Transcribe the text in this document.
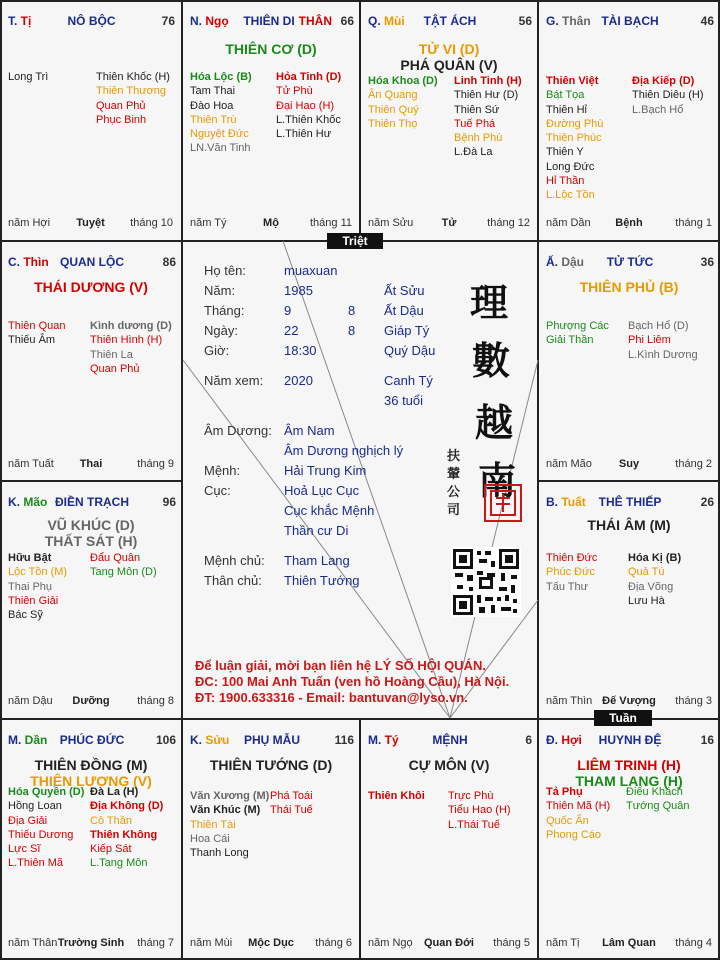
Triệt
Tuần
T. Tị	NÔ BỘC	76
Long Trì	Thiên Khốc (H)
Thiên Thương
Quan Phủ
Phục Binh
năm Hợi	Tuyệt	tháng 10
N. Ngọ	THIÊN DI THÂN 66
THIÊN CƠ (D)
Hóa Lộc (B)
Tam Thai
Đào Hoa
Thiên Trù
Nguyệt Đức
LN.Văn Tinh
Hỏa Tinh (D)
Tử Phù
Đại Hao (H)
L.Thiên Khốc
L.Thiên Hư
năm Tý	Mộ	tháng 11
Q. Mùi	TẬT ÁCH	56
TỬ VI (D)
PHÁ QUÂN (V)
Hóa Khoa (D)
Ân Quang
Thiên Quý
Thiên Thọ
Linh Tinh (H)
Thiên Hư (D)
Thiên Sứ
Tuế Phá
Bệnh Phù
L.Đà La
năm Sửu	Tử	tháng 12
G. Thân TÀI BẠCH	46
Thiên Việt
Bát Tọa
Thiên Hỉ
Đường Phù
Thiên Phúc
Thiên Y
Long Đức
Hỉ Thần
L.Lộc Tồn
Địa Kiếp (D)
Thiên Diêu (H)
L.Bạch Hổ
năm Dần	Bệnh	tháng 1
C. Thìn QUAN LỘC	86
THÁI DƯƠNG (V)
Thiên Quan
Thiếu Âm
Kình dương (D)
Thiên Hình (H)
Thiên La
Quan Phủ
năm Tuất	Thai	tháng 9
Ấ. Dậu	TỬ TỨC	36
THIÊN PHỦ (B)
Phượng Các
Giải Thần
Bạch Hổ (D)
Phi Liêm
L.Kình Dương
năm Mão	Suy	tháng 2
K. Mão ĐIỀN TRẠCH	96
VŨ KHÚC (D)
THẤT SÁT (H)
Hữu Bật
Lộc Tồn (M)
Thai Phụ
Thiên Giải
Bác Sỹ
Đẩu Quân
Tang Môn (D)
năm Dậu	Dưỡng	tháng 8
B. Tuất	THÊ THIẾP	26
THÁI ÂM (M)
Thiên Đức
Phúc Đức
Tấu Thư
Hóa Kị (B)
Quả Tú
Địa Võng
Lưu Hà
năm Thìn Đế Vượng	tháng 3
M. Dần	PHÚC ĐỨC	106
THIÊN ĐỒNG (M)
THIÊN LƯƠNG (V)
Hóa Quyền (D)
Hồng Loan
Địa Giải
Thiếu Dương
Lực Sĩ
L.Thiên Mã
Đà La (H)
Địa Không (D)
Cô Thần
Thiên Không
Kiếp Sát
L.Tang Môn
năm Thân Trường Sinh	tháng 7
K. Sửu	PHỤ MẪU	116
THIÊN TƯỚNG (D)
Văn Xương (M)
Văn Khúc (M)
Thiên Tài
Hoa Cái
Thanh Long
Phá Toái
Thái Tuế
năm Mùi	Mộc Dục	tháng 6
M. Tý	MỆNH	6
CỰ MÔN (V)
Thiên Khôi Trực Phù
Tiểu Hao (H)
L.Thái Tuế
năm Ngọ	Quan Đới	tháng 5
Đ. Hợi	HUYNH ĐỆ	16
LIÊM TRINH (H)
THAM LANG (H)
Tả Phụ
Thiên Mã (H)
Quốc Ấn
Phong Cáo
Điếu Khách
Tướng Quân
năm Tị	Lâm Quan	tháng 4
Họ tên:	muaxuan
Năm:	1985	Ất Sửu
Tháng:	9	8 Ất Dậu
Ngày:	22	8 Giáp Tý
Giờ:	18:30	Quý Dậu
Năm xem: 2020	Canh Tý
36 tuổi
Âm Dương: Âm Nam
Âm Dương nghịch lý
Mệnh:	Hải Trung Kim
Cục:	Hoả Lục Cục
Cục khắc Mệnh
Thần cư Di
Mệnh chủ: Tham Lang
Thân chủ: Thiên Tướng
理
數
越
南
扶
輦
公
司
Để luận giải, mời bạn liên hệ LÝ SỐ HỘI QUÁN.
ĐC: 100 Mai Anh Tuấn (ven hồ Hoàng Cầu), Hà Nội.
ĐT: 1900.633316 - Email: bantuvan@lyso.vn.
